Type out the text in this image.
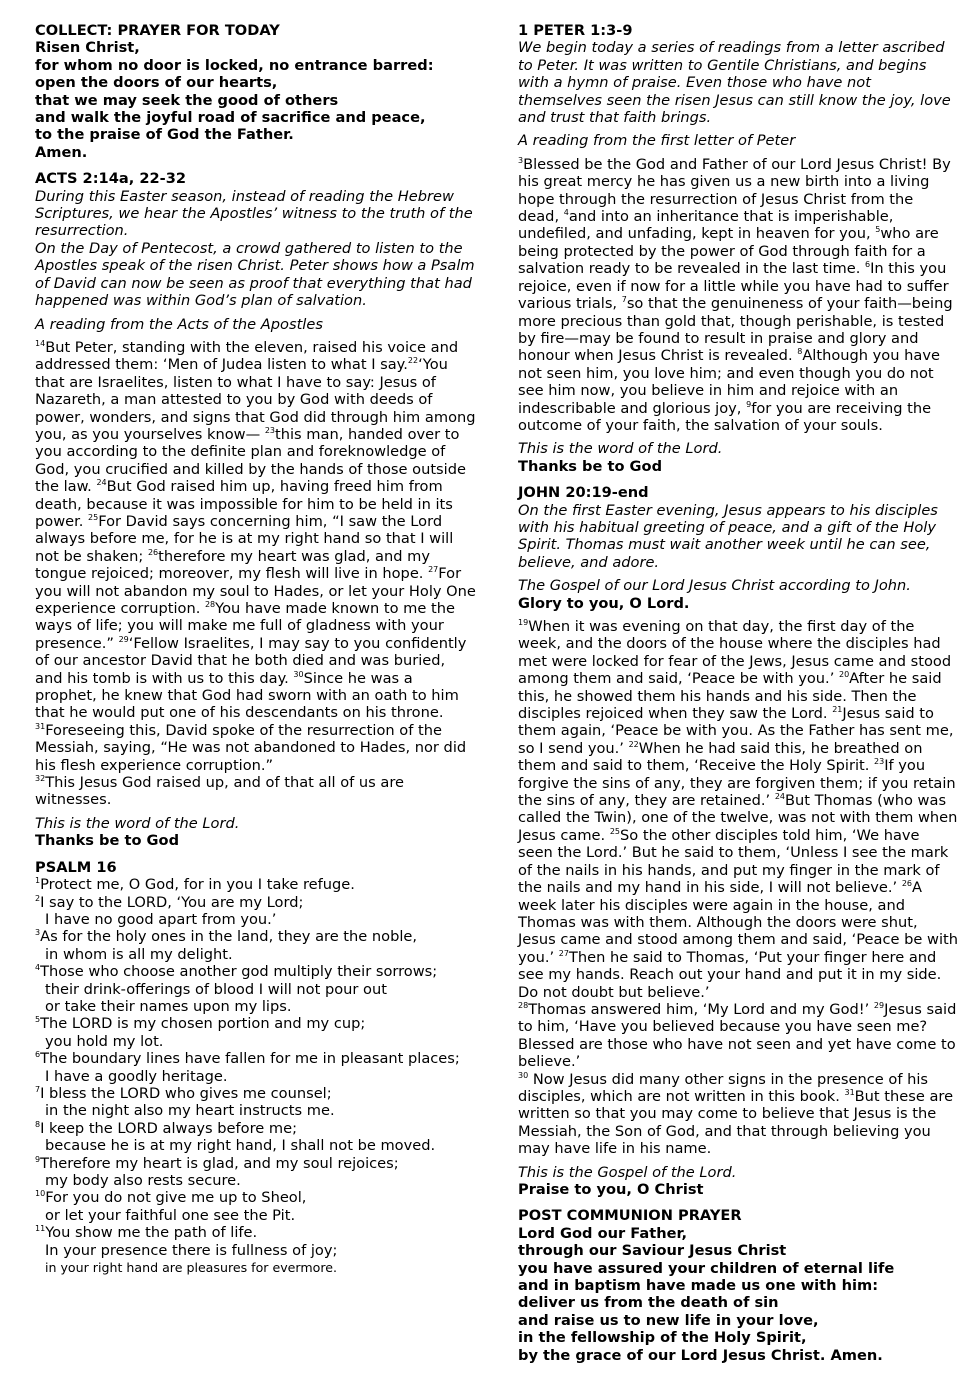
COLLECT: PRAYER FOR TODAY
Risen Christ,
for whom no door is locked, no entrance barred:
open the doors of our hearts,
that we may seek the good of others
and walk the joyful road of sacrifice and peace,
to the praise of God the Father.
Amen.
ACTS 2:14a, 22-32
During this Easter season, instead of reading the Hebrew Scriptures, we hear the Apostles’ witness to the truth of the resurrection.
On the Day of Pentecost, a crowd gathered to listen to the Apostles speak of the risen Christ. Peter shows how a Psalm of David can now be seen as proof that everything that had happened was within God’s plan of salvation.
A reading from the Acts of the Apostles
$^{14}$But Peter, standing with the eleven, raised his voice and addressed them: ‘Men of Judea listen to what I say.$^{22}$‘You that are Israelites, listen to what I have to say: Jesus of Nazareth, a man attested to you by God with deeds of power, wonders, and signs that God did through him among you, as you yourselves know— $^{23}$this man, handed over to you according to the definite plan and foreknowledge of God, you crucified and killed by the hands of those outside the law. $^{24}$But God raised him up, having freed him from death, because it was impossible for him to be held in its power. $^{25}$For David says concerning him, “I saw the Lord always before me, for he is at my right hand so that I will not be shaken; $^{26}$therefore my heart was glad, and my tongue rejoiced; moreover, my flesh will live in hope. $^{27}$For you will not abandon my soul to Hades, or let your Holy One experience corruption. $^{28}$You have made known to me the ways of life; you will make me full of gladness with your presence.” $^{29}$‘Fellow Israelites, I may say to you confidently of our ancestor David that he both died and was buried, and his tomb is with us to this day. $^{30}$Since he was a prophet, he knew that God had sworn with an oath to him that he would put one of his descendants on his throne. $^{31}$Foreseeing this, David spoke of the resurrection of the Messiah, saying, “He was not abandoned to Hades, nor did his flesh experience corruption.”
$^{32}$This Jesus God raised up, and of that all of us are witnesses.
This is the word of the Lord.
Thanks be to God
PSALM 16
$^1$Protect me, O God, for in you I take refuge.
$^2$I say to the LORD, ‘You are my Lord;
I have no good apart from you.’
$^3$As for the holy ones in the land, they are the noble,
in whom is all my delight.
$^4$Those who choose another god multiply their sorrows;
their drink-offerings of blood I will not pour out
or take their names upon my lips.
$^5$The LORD is my chosen portion and my cup;
you hold my lot.
$^6$The boundary lines have fallen for me in pleasant places;
I have a goodly heritage.
$^7$I bless the LORD who gives me counsel;
in the night also my heart instructs me.
$^8$I keep the LORD always before me;
because he is at my right hand, I shall not be moved.
$^9$Therefore my heart is glad, and my soul rejoices;
my body also rests secure.
$^{10}$For you do not give me up to Sheol,
or let your faithful one see the Pit.
$^{11}$You show me the path of life.
In your presence there is fullness of joy;
in your right hand are pleasures for evermore.
1 PETER 1:3-9
We begin today a series of readings from a letter ascribed to Peter. It was written to Gentile Christians, and begins with a hymn of praise. Even those who have not themselves seen the risen Jesus can still know the joy, love and trust that faith brings.
A reading from the first letter of Peter
$^3$Blessed be the God and Father of our Lord Jesus Christ! By his great mercy he has given us a new birth into a living hope through the resurrection of Jesus Christ from the dead, $^4$and into an inheritance that is imperishable, undefiled, and unfading, kept in heaven for you, $^5$who are being protected by the power of God through faith for a salvation ready to be revealed in the last time. $^6$In this you rejoice, even if now for a little while you have had to suffer various trials, $^7$so that the genuineness of your faith—being more precious than gold that, though perishable, is tested by fire—may be found to result in praise and glory and honour when Jesus Christ is revealed. $^8$Although you have not seen him, you love him; and even though you do not see him now, you believe in him and rejoice with an indescribable and glorious joy, $^9$for you are receiving the outcome of your faith, the salvation of your souls.
This is the word of the Lord.
Thanks be to God
JOHN 20:19-end
On the first Easter evening, Jesus appears to his disciples with his habitual greeting of peace, and a gift of the Holy Spirit. Thomas must wait another week until he can see, believe, and adore.
The Gospel of our Lord Jesus Christ according to John.
Glory to you, O Lord.
$^{19}$When it was evening on that day, the first day of the week, and the doors of the house where the disciples had met were locked for fear of the Jews, Jesus came and stood among them and said, ‘Peace be with you.’ $^{20}$After he said this, he showed them his hands and his side. Then the disciples rejoiced when they saw the Lord. $^{21}$Jesus said to them again, ‘Peace be with you. As the Father has sent me, so I send you.’ $^{22}$When he had said this, he breathed on them and said to them, ‘Receive the Holy Spirit. $^{23}$If you forgive the sins of any, they are forgiven them; if you retain the sins of any, they are retained.’ $^{24}$But Thomas (who was called the Twin), one of the twelve, was not with them when Jesus came. $^{25}$So the other disciples told him, ‘We have seen the Lord.’ But he said to them, ‘Unless I see the mark of the nails in his hands, and put my finger in the mark of the nails and my hand in his side, I will not believe.’ $^{26}$A week later his disciples were again in the house, and Thomas was with them. Although the doors were shut, Jesus came and stood among them and said, ‘Peace be with you.’ $^{27}$Then he said to Thomas, ‘Put your finger here and see my hands. Reach out your hand and put it in my side. Do not doubt but believe.’
$^{28}$Thomas answered him, ‘My Lord and my God!’ $^{29}$Jesus said to him, ‘Have you believed because you have seen me? Blessed are those who have not seen and yet have come to believe.’
$^{30}$ Now Jesus did many other signs in the presence of his disciples, which are not written in this book. $^{31}$But these are written so that you may come to believe that Jesus is the Messiah, the Son of God, and that through believing you may have life in his name.
This is the Gospel of the Lord.
Praise to you, O Christ
POST COMMUNION PRAYER
Lord God our Father,
through our Saviour Jesus Christ
you have assured your children of eternal life
and in baptism have made us one with him:
deliver us from the death of sin
and raise us to new life in your love,
in the fellowship of the Holy Spirit,
by the grace of our Lord Jesus Christ. Amen.
